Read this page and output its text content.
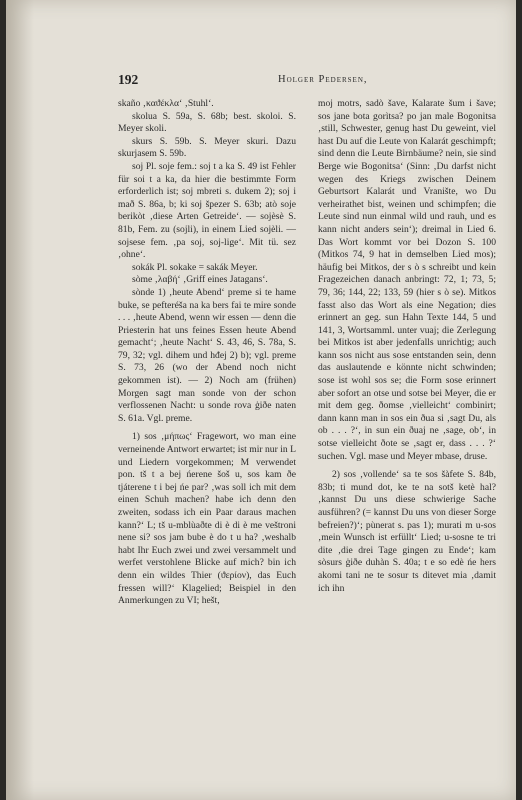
192	Holger Pedersen,

skaño ‚καϑέκλα‘ ‚Stuhl‘.

skolua S. 59a, S. 68b; best. skoloi. S. Meyer skoli.

skurs S. 59b. S. Meyer skuri. Dazu skurjasem S. 59b.

soj Pl. soje fem.: soj t a ka S. 49 ist Fehler für soi t a ka, da hier die bestimmte Form erforderlich ist; soj mbreti s. dukem 2); soj i mað S. 86a, b; ki soj špezer S. 63b; atò soje berikòt ‚diese Arten Getreide‘. — sojèsè S. 81b, Fem. zu (sojli), in einem Lied sojèli. — sojsese fem. ‚pa soj, soj-lige‘. Mit tü. sez ‚ohne‘.

sokák Pl. sokake = sakák Meyer.

sòme ‚λαβή‘ ‚Griff eines Jatagans‘.

sònde 1) ‚heute Abend‘ preme si te hame buke, se pefteréša na ka bers fai te mire sonde . . . ‚heute Abend, wenn wir essen — denn die Priesterin hat uns feines Essen heute Abend gemacht‘; ‚heute Nacht‘ S. 43, 46, S. 78a, S. 79, 32; vgl. dihem und hđej 2) b); vgl. preme S. 73, 26 (wo der Abend noch nicht gekommen ist). — 2) Noch am (frühen) Morgen sagt man sonde von der schon verflossenen Nacht: u sonde rova ġiðe naten S. 61a. Vgl. preme.

1) sos ‚μήπως‘ Fragewort, wo man eine verneinende Antwort erwartet; ist mir nur in L und Liedern vorgekommen; M verwendet pon. tš t a bej ńerene šoš u, sos kam ðe tjáterene t i bej ńe par? ‚was soll ich mit dem einen Schuh machen? habe ich denn den zweiten, sodass ich ein Paar daraus machen kann?‘ L; tš u-mblùaðte di è di è me veštroni nene si? sos jam bube è do t u ha? ‚weshalb habt Ihr Euch zwei und zwei versammelt und werfet verstohlene Blicke auf mich? bin ich denn ein wildes Thier (ϑερίον), das Euch fressen will?‘ Klagelied; Beispiel in den Anmerkungen zu VI; hešt,

moj motrs, sadò šave, Kalarate šum i šave; sos jane bota gorìtsa? po jan male Bogonitsa ‚still, Schwester, genug hast Du geweint, viel hast Du auf die Leute von Kalarát geschimpft; sind denn die Leute Birnbäume? nein, sie sind Berge wie Bogonitsa‘ (Sinn: ‚Du darfst nicht wegen des Kriegs zwischen Deinem Geburtsort Kalarát und Vranište, wo Du verheirathet bist, weinen und schimpfen; die Leute sind nun einmal wild und rauh, und es kann nicht anders sein‘); dreimal in Lied 6. Das Wort kommt vor bei Dozon S. 100 (Mitkos 74, 9 hat in demselben Lied mos); häufig bei Mitkos, der s ò s schreibt und kein Fragezeichen danach anbringt: 72, 1; 73, 5; 79, 36; 144, 22; 133, 59 (hier s ò se). Mitkos fasst also das Wort als eine Negation; dies erinnert an geg. sun Hahn Texte 144, 5 und 141, 3, Wortsamml. unter vuaj; die Zerlegung bei Mitkos ist aber jedenfalls unrichtig; auch kann sos nicht aus sose entstanden sein, denn das auslautende e könnte nicht schwinden; sose ist wohl sos se; die Form sose erinnert aber sofort an otse und sotse bei Meyer, die er mit dem geg. ðomse ‚vielleicht‘ combinirt; dann kann man in sos ein ðua si ‚sagt Du, als ob . . . ?‘, in sun ein ðuaj ne ‚sage, ob‘, in sotse vielleicht ðote se ‚sagt er, dass . . . ?‘ suchen. Vgl. mase und Meyer mbase, druse.

2) sos ‚vollende‘ sa te sos šàfete S. 84b, 83b; ti mund dot, ke te na sotš ketè hal? ‚kannst Du uns diese schwierige Sache ausführen? (= kannst Du uns von dieser Sorge befreien?)‘; pùnerat s. pas 1); murati m u-sos ‚mein Wunsch ist erfüllt‘ Lied; u-sosne te tri dite ‚die drei Tage gingen zu Ende‘; kam sòsurs ġiðe duhàn S. 40a; t e so edè ńe hers akomi tani ne te sosur ts ditevet mia ‚damit ich ihn
